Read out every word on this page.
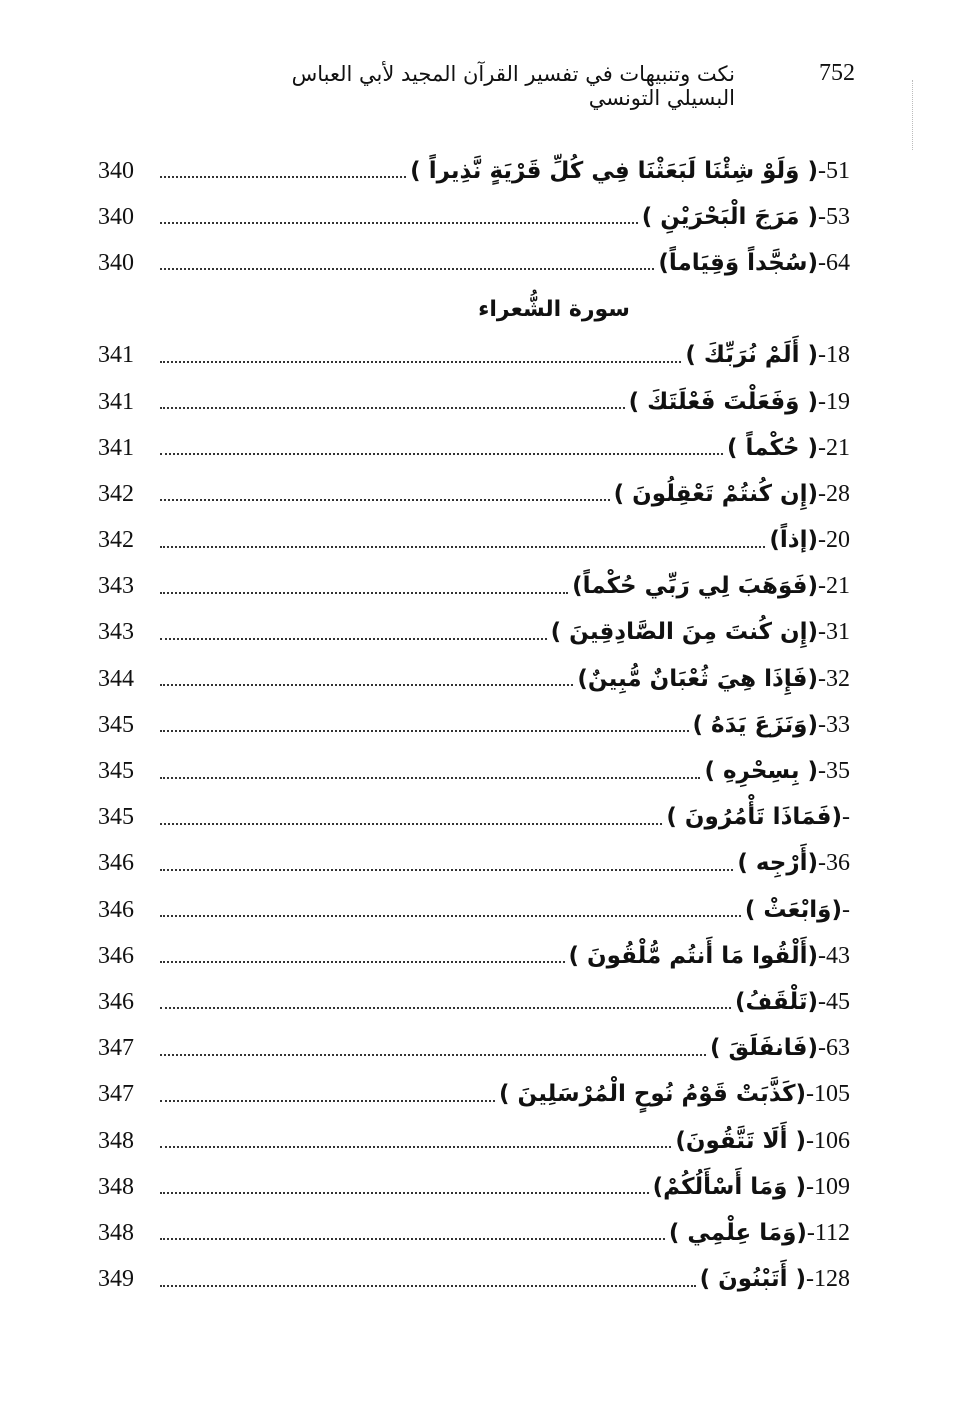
نكت وتنبيهات في تفسير القرآن المجيد لأبي العباس البسيلي التونسي
752
51-( وَلَوْ شِئْنَا لَبَعَثْنَا فِي كُلِّ قَرْيَةٍ نَّذِيراً )
340
53-( مَرَجَ الْبَحْرَيْنِ )
340
64-(سُجَّداً وَقِيَاماً)
340
سورة الشُّعراء
18-( أَلَمْ نُرَبِّكَ )
341
19-( وَفَعَلْتَ فَعْلَتَكَ )
341
21-( حُكْماً )
341
28-(إِن كُنتُمْ تَعْقِلُونَ )
342
20-(إذاً)
342
21-(فَوَهَبَ لِي رَبِّي حُكْماً)
343
31-(إِن كُنتَ مِنَ الصَّادِقِينَ )
343
32-(فَإِذَا هِيَ ثُعْبَانٌ مُّبِينٌ)
344
33-(وَنَزَعَ يَدَهُ )
345
35-( بِسِحْرِهِ )
345
-(فَمَاذَا تَأْمُرُونَ )
345
36-(أَرْجِه )
346
-(وَابْعَثْ )
346
43-(أَلْقُوا مَا أَنتُم مُّلْقُونَ )
346
45-(تَلْقَفُ)
346
63-(فَانفَلَقَ )
347
105-(كَذَّبَتْ قَوْمُ نُوحٍ الْمُرْسَلِينَ )
347
106-( أَلَا تَتَّقُونَ)
348
109-( وَمَا أَسْأَلُكُمْ)
348
112-(وَمَا عِلْمِي )
348
128-( أَتَبْنُونَ )
349
